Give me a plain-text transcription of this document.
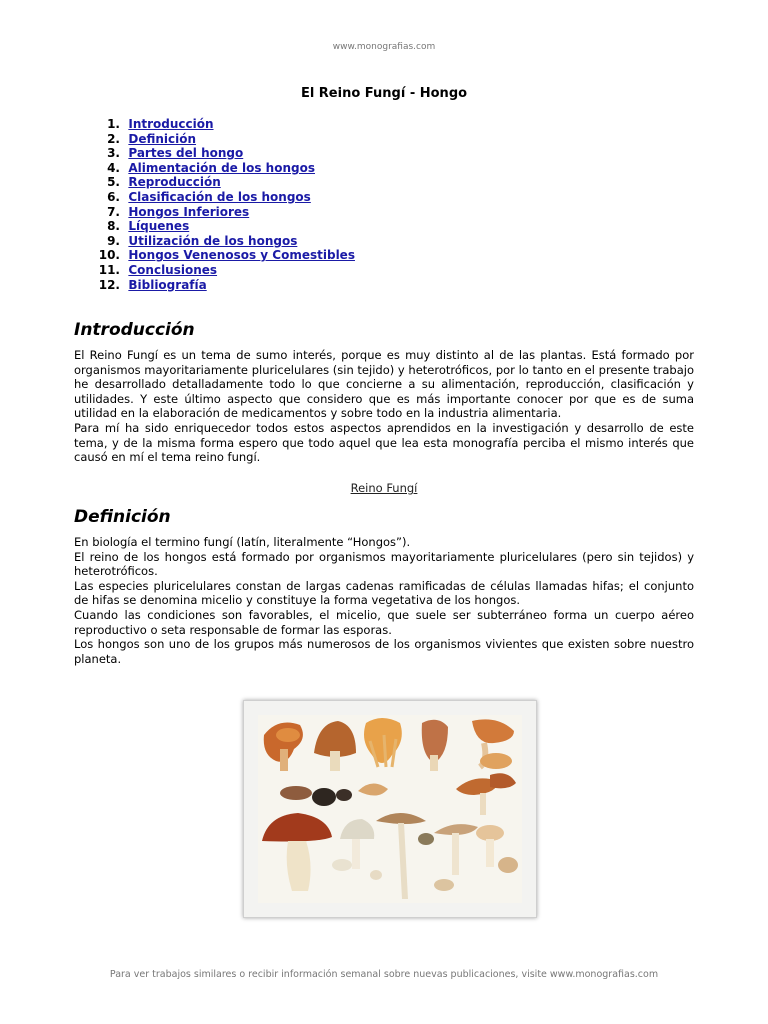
www.monografias.com
El Reino Fungí - Hongo
1.
Introducción
2.
Definición
3.
Partes del hongo
4.
Alimentación de los hongos
5.
Reproducción
6.
Clasificación de los hongos
7.
Hongos Inferiores
8.
Líquenes
9.
Utilización de los hongos
10.
Hongos Venenosos y Comestibles
11.
Conclusiones
12.
Bibliografía
Introducción

El Reino Fungí es un tema de sumo interés, porque es muy distinto al de las plantas. Está formado por organismos mayoritariamente pluricelulares (sin tejido) y heterotróficos, por lo tanto en el presente trabajo he desarrollado detalladamente todo lo que concierne a su alimentación, reproducción, clasificación y utilidades. Y este último aspecto que considero que es más importante conocer por que es de suma utilidad en la elaboración de medicamentos y sobre todo en la industria alimentaria.

Para mí ha sido enriquecedor todos estos aspectos aprendidos en la investigación y desarrollo de este tema, y de la misma forma espero que todo aquel que lea esta monografía perciba el mismo interés que causó en mí el tema reino fungí.

Reino Fungí
Definición

En biología el termino fungí (latín, literalmente “Hongos”).

El reino de los hongos está formado por organismos mayoritariamente pluricelulares (pero sin tejidos) y heterotróficos.

Las especies pluricelulares constan de largas cadenas ramificadas de células llamadas hifas; el conjunto de hifas se denomina micelio y constituye la forma vegetativa de los hongos.

Cuando las condiciones son favorables, el micelio, que suele ser subterráneo forma un cuerpo aéreo reproductivo o seta responsable de formar las esporas.

Los hongos son uno de los grupos más numerosos de los organismos vivientes que existen sobre nuestro planeta.

Para ver trabajos similares o recibir información semanal sobre nuevas publicaciones, visite www.monografias.com
